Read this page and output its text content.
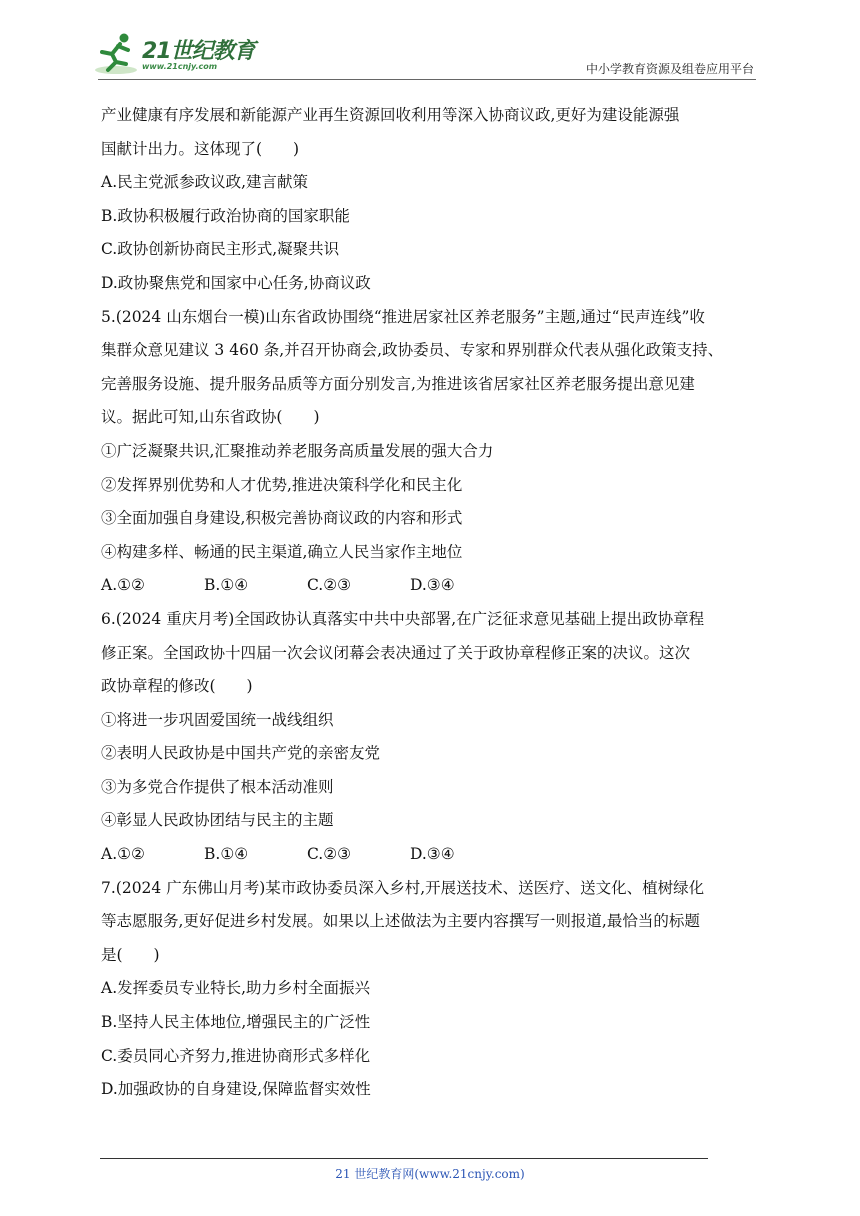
21世纪教育
www.21cnjy.com	中小学教育资源及组卷应用平台
产业健康有序发展和新能源产业再生资源回收利用等深入协商议政,更好为建设能源强
国献计出力。这体现了(　　)
A.民主党派参政议政,建言献策
B.政协积极履行政治协商的国家职能
C.政协创新协商民主形式,凝聚共识
D.政协聚焦党和国家中心任务,协商议政
5.(2024 山东烟台一模)山东省政协围绕“推进居家社区养老服务”主题,通过“民声连线”收
集群众意见建议 3 460 条,并召开协商会,政协委员、专家和界别群众代表从强化政策支持、
完善服务设施、提升服务品质等方面分别发言,为推进该省居家社区养老服务提出意见建
议。据此可知,山东省政协(　　)
①广泛凝聚共识,汇聚推动养老服务高质量发展的强大合力
②发挥界别优势和人才优势,推进决策科学化和民主化
③全面加强自身建设,积极完善协商议政的内容和形式
④构建多样、畅通的民主渠道,确立人民当家作主地位
A.①②	B.①④	C.②③	D.③④
6.(2024 重庆月考)全国政协认真落实中共中央部署,在广泛征求意见基础上提出政协章程
修正案。全国政协十四届一次会议闭幕会表决通过了关于政协章程修正案的决议。这次
政协章程的修改(　　)
①将进一步巩固爱国统一战线组织
②表明人民政协是中国共产党的亲密友党
③为多党合作提供了根本活动准则
④彰显人民政协团结与民主的主题
A.①②	B.①④	C.②③	D.③④
7.(2024 广东佛山月考)某市政协委员深入乡村,开展送技术、送医疗、送文化、植树绿化
等志愿服务,更好促进乡村发展。如果以上述做法为主要内容撰写一则报道,最恰当的标题
是(　　)
A.发挥委员专业特长,助力乡村全面振兴
B.坚持人民主体地位,增强民主的广泛性
C.委员同心齐努力,推进协商形式多样化
D.加强政协的自身建设,保障监督实效性
21 世纪教育网(www.21cnjy.com)
